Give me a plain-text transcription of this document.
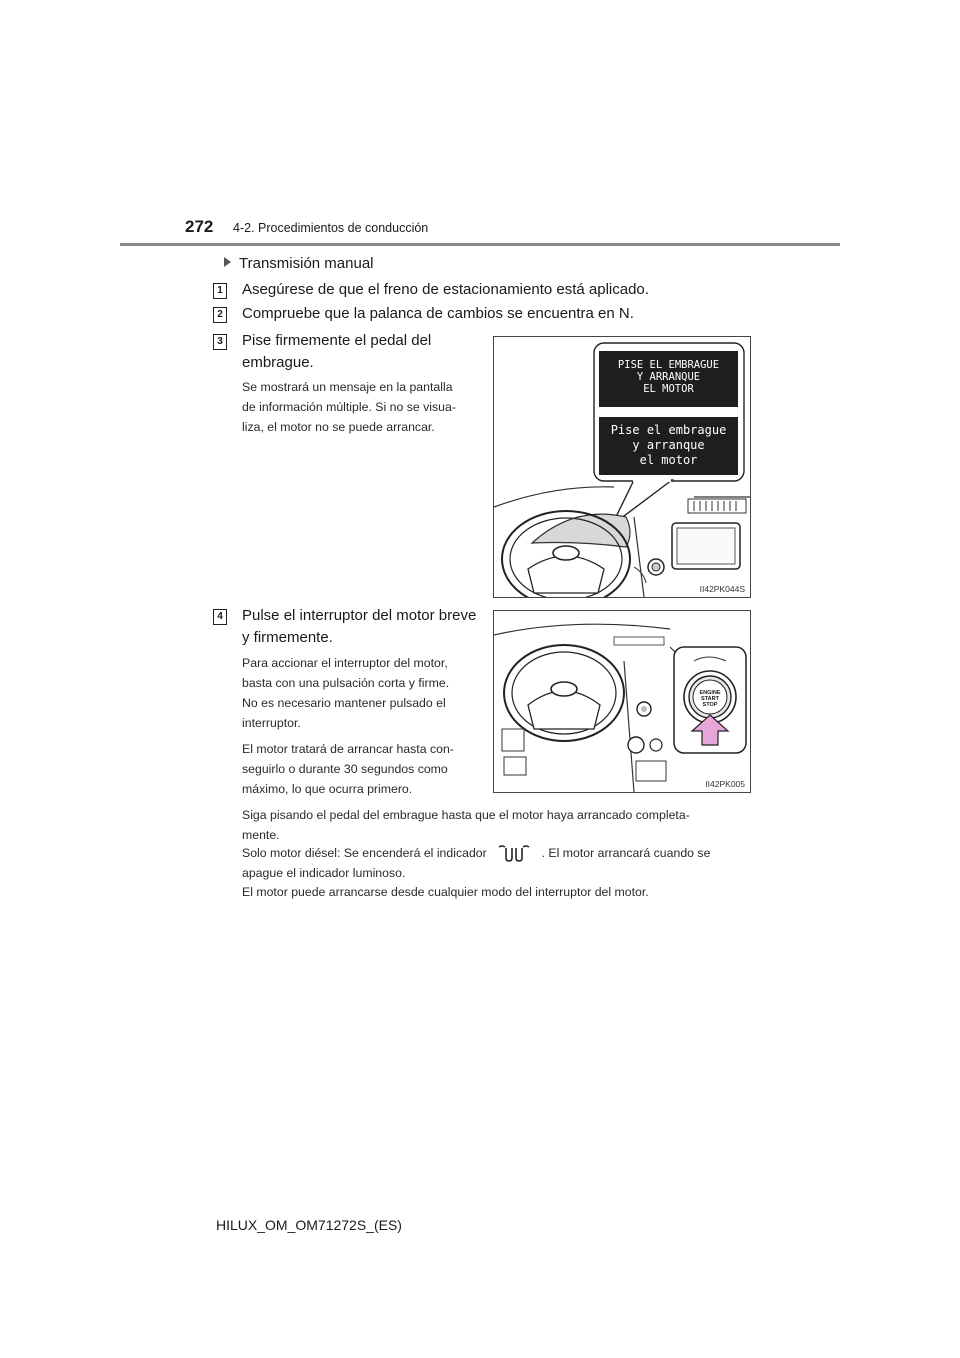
272 4-2. Procedimientos de conducción
Transmisión manual
1 Asegúrese de que el freno de estacionamiento está aplicado.
2 Compruebe que la palanca de cambios se encuentra en N.
3 Pise firmemente el pedal del
embrague.
Se mostrará un mensaje en la pantalla
de información múltiple. Si no se visua-
liza, el motor no se puede arrancar.
PISE EL EMBRAGUE
Y ARRANQUE
EL MOTOR
Pise el embrague
y arranque
el motor
II42PK044S
4 Pulse el interruptor del motor breve
y firmemente.
Para accionar el interruptor del motor,
basta con una pulsación corta y firme.
No es necesario mantener pulsado el
interruptor.
El motor tratará de arrancar hasta con-
seguirlo o durante 30 segundos como
máximo, lo que ocurra primero.
ENGINE
START
STOP
II42PK005
Siga pisando el pedal del embrague hasta que el motor haya arrancado completa-
mente.
Solo motor diésel: Se encenderá el indicador	. El motor arrancará cuando se
apague el indicador luminoso.
El motor puede arrancarse desde cualquier modo del interruptor del motor.
HILUX_OM_OM71272S_(ES)
